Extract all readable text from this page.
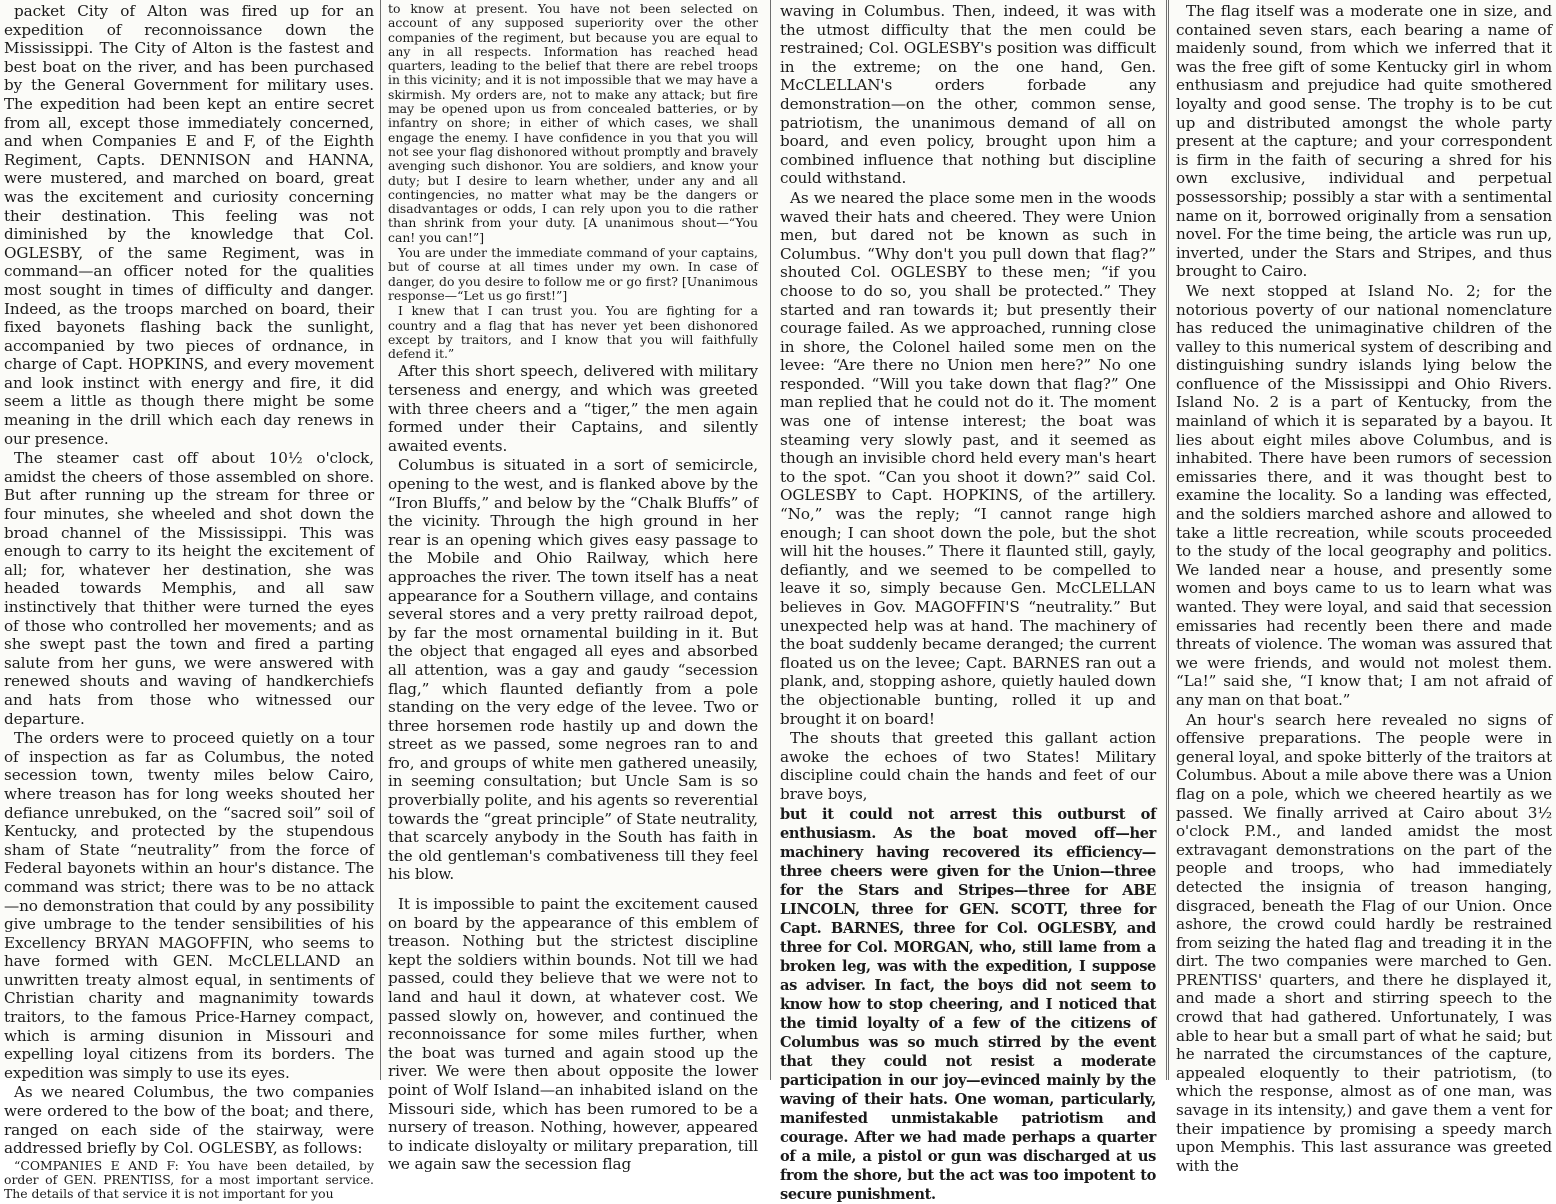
packet City of Alton was fired up for an expedition of reconnoissance down the Mississippi. The City of Alton is the fastest and best boat on the river, and has been purchased by the General Government for military uses. The expedition had been kept an entire secret from all, except those immediately concerned, and when Companies E and F, of the Eighth Regiment, Capts. DENNISON and HANNA, were mustered, and marched on board, great was the excitement and curiosity concerning their destination. This feeling was not diminished by the knowledge that Col. OGLESBY, of the same Regiment, was in command—an officer noted for the qualities most sought in times of difficulty and danger. Indeed, as the troops marched on board, their fixed bayonets flashing back the sunlight, accompanied by two pieces of ordnance, in charge of Capt. HOPKINS, and every movement and look instinct with energy and fire, it did seem a little as though there might be some meaning in the drill which each day renews in our presence.

The steamer cast off about 10½ o'clock, amidst the cheers of those assembled on shore. But after running up the stream for three or four minutes, she wheeled and shot down the broad channel of the Mississippi. This was enough to carry to its height the excitement of all; for, whatever her destination, she was headed towards Memphis, and all saw instinctively that thither were turned the eyes of those who controlled her movements; and as she swept past the town and fired a parting salute from her guns, we were answered with renewed shouts and waving of handkerchiefs and hats from those who witnessed our departure.

The orders were to proceed quietly on a tour of inspection as far as Columbus, the noted secession town, twenty miles below Cairo, where treason has for long weeks shouted her defiance unrebuked, on the “sacred soil” soil of Kentucky, and protected by the stupendous sham of State “neutrality” from the force of Federal bayonets within an hour's distance. The command was strict; there was to be no attack—no demonstration that could by any possibility give umbrage to the tender sensibilities of his Excellency BRYAN MAGOFFIN, who seems to have formed with GEN. McCLELLAND an unwritten treaty almost equal, in sentiments of Christian charity and magnanimity towards traitors, to the famous Price-Harney compact, which is arming disunion in Missouri and expelling loyal citizens from its borders. The expedition was simply to use its eyes.

As we neared Columbus, the two companies were ordered to the bow of the boat; and there, ranged on each side of the stairway, were addressed briefly by Col. OGLESBY, as follows:

“COMPANIES E AND F: You have been detailed, by order of GEN. PRENTISS, for a most important service. The details of that service it is not important for you

to know at present. You have not been selected on account of any supposed superiority over the other companies of the regiment, but because you are equal to any in all respects. Information has reached head quarters, leading to the belief that there are rebel troops in this vicinity; and it is not impossible that we may have a skirmish. My orders are, not to make any attack; but fire may be opened upon us from concealed batteries, or by infantry on shore; in either of which cases, we shall engage the enemy. I have confidence in you that you will not see your flag dishonored without promptly and bravely avenging such dishonor. You are soldiers, and know your duty; but I desire to learn whether, under any and all contingencies, no matter what may be the dangers or disadvantages or odds, I can rely upon you to die rather than shrink from your duty. [A unanimous shout—“You can! you can!”]

You are under the immediate command of your captains, but of course at all times under my own. In case of danger, do you desire to follow me or go first? [Unanimous response—“Let us go first!”]

I knew that I can trust you. You are fighting for a country and a flag that has never yet been dishonored except by traitors, and I know that you will faithfully defend it.”

After this short speech, delivered with military terseness and energy, and which was greeted with three cheers and a “tiger,” the men again formed under their Captains, and silently awaited events.

Columbus is situated in a sort of semicircle, opening to the west, and is flanked above by the “Iron Bluffs,” and below by the “Chalk Bluffs” of the vicinity. Through the high ground in her rear is an opening which gives easy passage to the Mobile and Ohio Railway, which here approaches the river. The town itself has a neat appearance for a Southern village, and contains several stores and a very pretty railroad depot, by far the most ornamental building in it. But the object that engaged all eyes and absorbed all attention, was a gay and gaudy “secession flag,” which flaunted defiantly from a pole standing on the very edge of the levee. Two or three horsemen rode hastily up and down the street as we passed, some negroes ran to and fro, and groups of white men gathered uneasily, in seeming consultation; but Uncle Sam is so proverbially polite, and his agents so reverential towards the “great principle” of State neutrality, that scarcely anybody in the South has faith in the old gentleman's combativeness till they feel his blow.

It is impossible to paint the excitement caused on board by the appearance of this emblem of treason. Nothing but the strictest discipline kept the soldiers within bounds. Not till we had passed, could they believe that we were not to land and haul it down, at whatever cost. We passed slowly on, however, and continued the reconnoissance for some miles further, when the boat was turned and again stood up the river. We were then about opposite the lower point of Wolf Island—an inhabited island on the Missouri side, which has been rumored to be a nursery of treason. Nothing, however, appeared to indicate disloyalty or military preparation, till we again saw the secession flag

waving in Columbus. Then, indeed, it was with the utmost difficulty that the men could be restrained; Col. OGLESBY's position was difficult in the extreme; on the one hand, Gen. McCLELLAN's orders forbade any demonstration—on the other, common sense, patriotism, the unanimous demand of all on board, and even policy, brought upon him a combined influence that nothing but discipline could withstand.

As we neared the place some men in the woods waved their hats and cheered. They were Union men, but dared not be known as such in Columbus. “Why don't you pull down that flag?” shouted Col. OGLESBY to these men; “if you choose to do so, you shall be protected.” They started and ran towards it; but presently their courage failed. As we approached, running close in shore, the Colonel hailed some men on the levee: “Are there no Union men here?” No one responded. “Will you take down that flag?” One man replied that he could not do it. The moment was one of intense interest; the boat was steaming very slowly past, and it seemed as though an invisible chord held every man's heart to the spot. “Can you shoot it down?” said Col. OGLESBY to Capt. HOPKINS, of the artillery. “No,” was the reply; “I cannot range high enough; I can shoot down the pole, but the shot will hit the houses.” There it flaunted still, gayly, defiantly, and we seemed to be compelled to leave it so, simply because Gen. McCLELLAN believes in Gov. MAGOFFIN'S “neutrality.” But unexpected help was at hand. The machinery of the boat suddenly became deranged; the current floated us on the levee; Capt. BARNES ran out a plank, and, stopping ashore, quietly hauled down the objectionable bunting, rolled it up and brought it on board!

The shouts that greeted this gallant action awoke the echoes of two States! Military discipline could chain the hands and feet of our brave boys,

but it could not arrest this outburst of enthusiasm. As the boat moved off—her machinery having recovered its efficiency—three cheers were given for the Union—three for the Stars and Stripes—three for ABE LINCOLN, three for GEN. SCOTT, three for Capt. BARNES, three for Col. OGLESBY, and three for Col. MORGAN, who, still lame from a broken leg, was with the expedition, I suppose as adviser. In fact, the boys did not seem to know how to stop cheering, and I noticed that the timid loyalty of a few of the citizens of Columbus was so much stirred by the event that they could not resist a moderate participation in our joy—evinced mainly by the waving of their hats. One woman, particularly, manifested unmistakable patriotism and courage. After we had made perhaps a quarter of a mile, a pistol or gun was discharged at us from the shore, but the act was too impotent to secure punishment.

The flag itself was a moderate one in size, and contained seven stars, each bearing a name of maidenly sound, from which we inferred that it was the free gift of some Kentucky girl in whom enthusiasm and prejudice had quite smothered loyalty and good sense. The trophy is to be cut up and distributed amongst the whole party present at the capture; and your correspondent is firm in the faith of securing a shred for his own exclusive, individual and perpetual possessorship; possibly a star with a sentimental name on it, borrowed originally from a sensation novel. For the time being, the article was run up, inverted, under the Stars and Stripes, and thus brought to Cairo.

We next stopped at Island No. 2; for the notorious poverty of our national nomenclature has reduced the unimaginative children of the valley to this numerical system of describing and distinguishing sundry islands lying below the confluence of the Mississippi and Ohio Rivers. Island No. 2 is a part of Kentucky, from the mainland of which it is separated by a bayou. It lies about eight miles above Columbus, and is inhabited. There have been rumors of secession emissaries there, and it was thought best to examine the locality. So a landing was effected, and the soldiers marched ashore and allowed to take a little recreation, while scouts proceeded to the study of the local geography and politics. We landed near a house, and presently some women and boys came to us to learn what was wanted. They were loyal, and said that secession emissaries had recently been there and made threats of violence. The woman was assured that we were friends, and would not molest them. “La!” said she, “I know that; I am not afraid of any man on that boat.”

An hour's search here revealed no signs of offensive preparations. The people were in general loyal, and spoke bitterly of the traitors at Columbus. About a mile above there was a Union flag on a pole, which we cheered heartily as we passed. We finally arrived at Cairo about 3½ o'clock P.M., and landed amidst the most extravagant demonstrations on the part of the people and troops, who had immediately detected the insignia of treason hanging, disgraced, beneath the Flag of our Union. Once ashore, the crowd could hardly be restrained from seizing the hated flag and treading it in the dirt. The two companies were marched to Gen. PRENTISS' quarters, and there he displayed it, and made a short and stirring speech to the crowd that had gathered. Unfortunately, I was able to hear but a small part of what he said; but he narrated the circumstances of the capture, appealed eloquently to their patriotism, (to which the response, almost as of one man, was savage in its intensity,) and gave them a vent for their impatience by promising a speedy march upon Memphis. This last assurance was greeted with the
